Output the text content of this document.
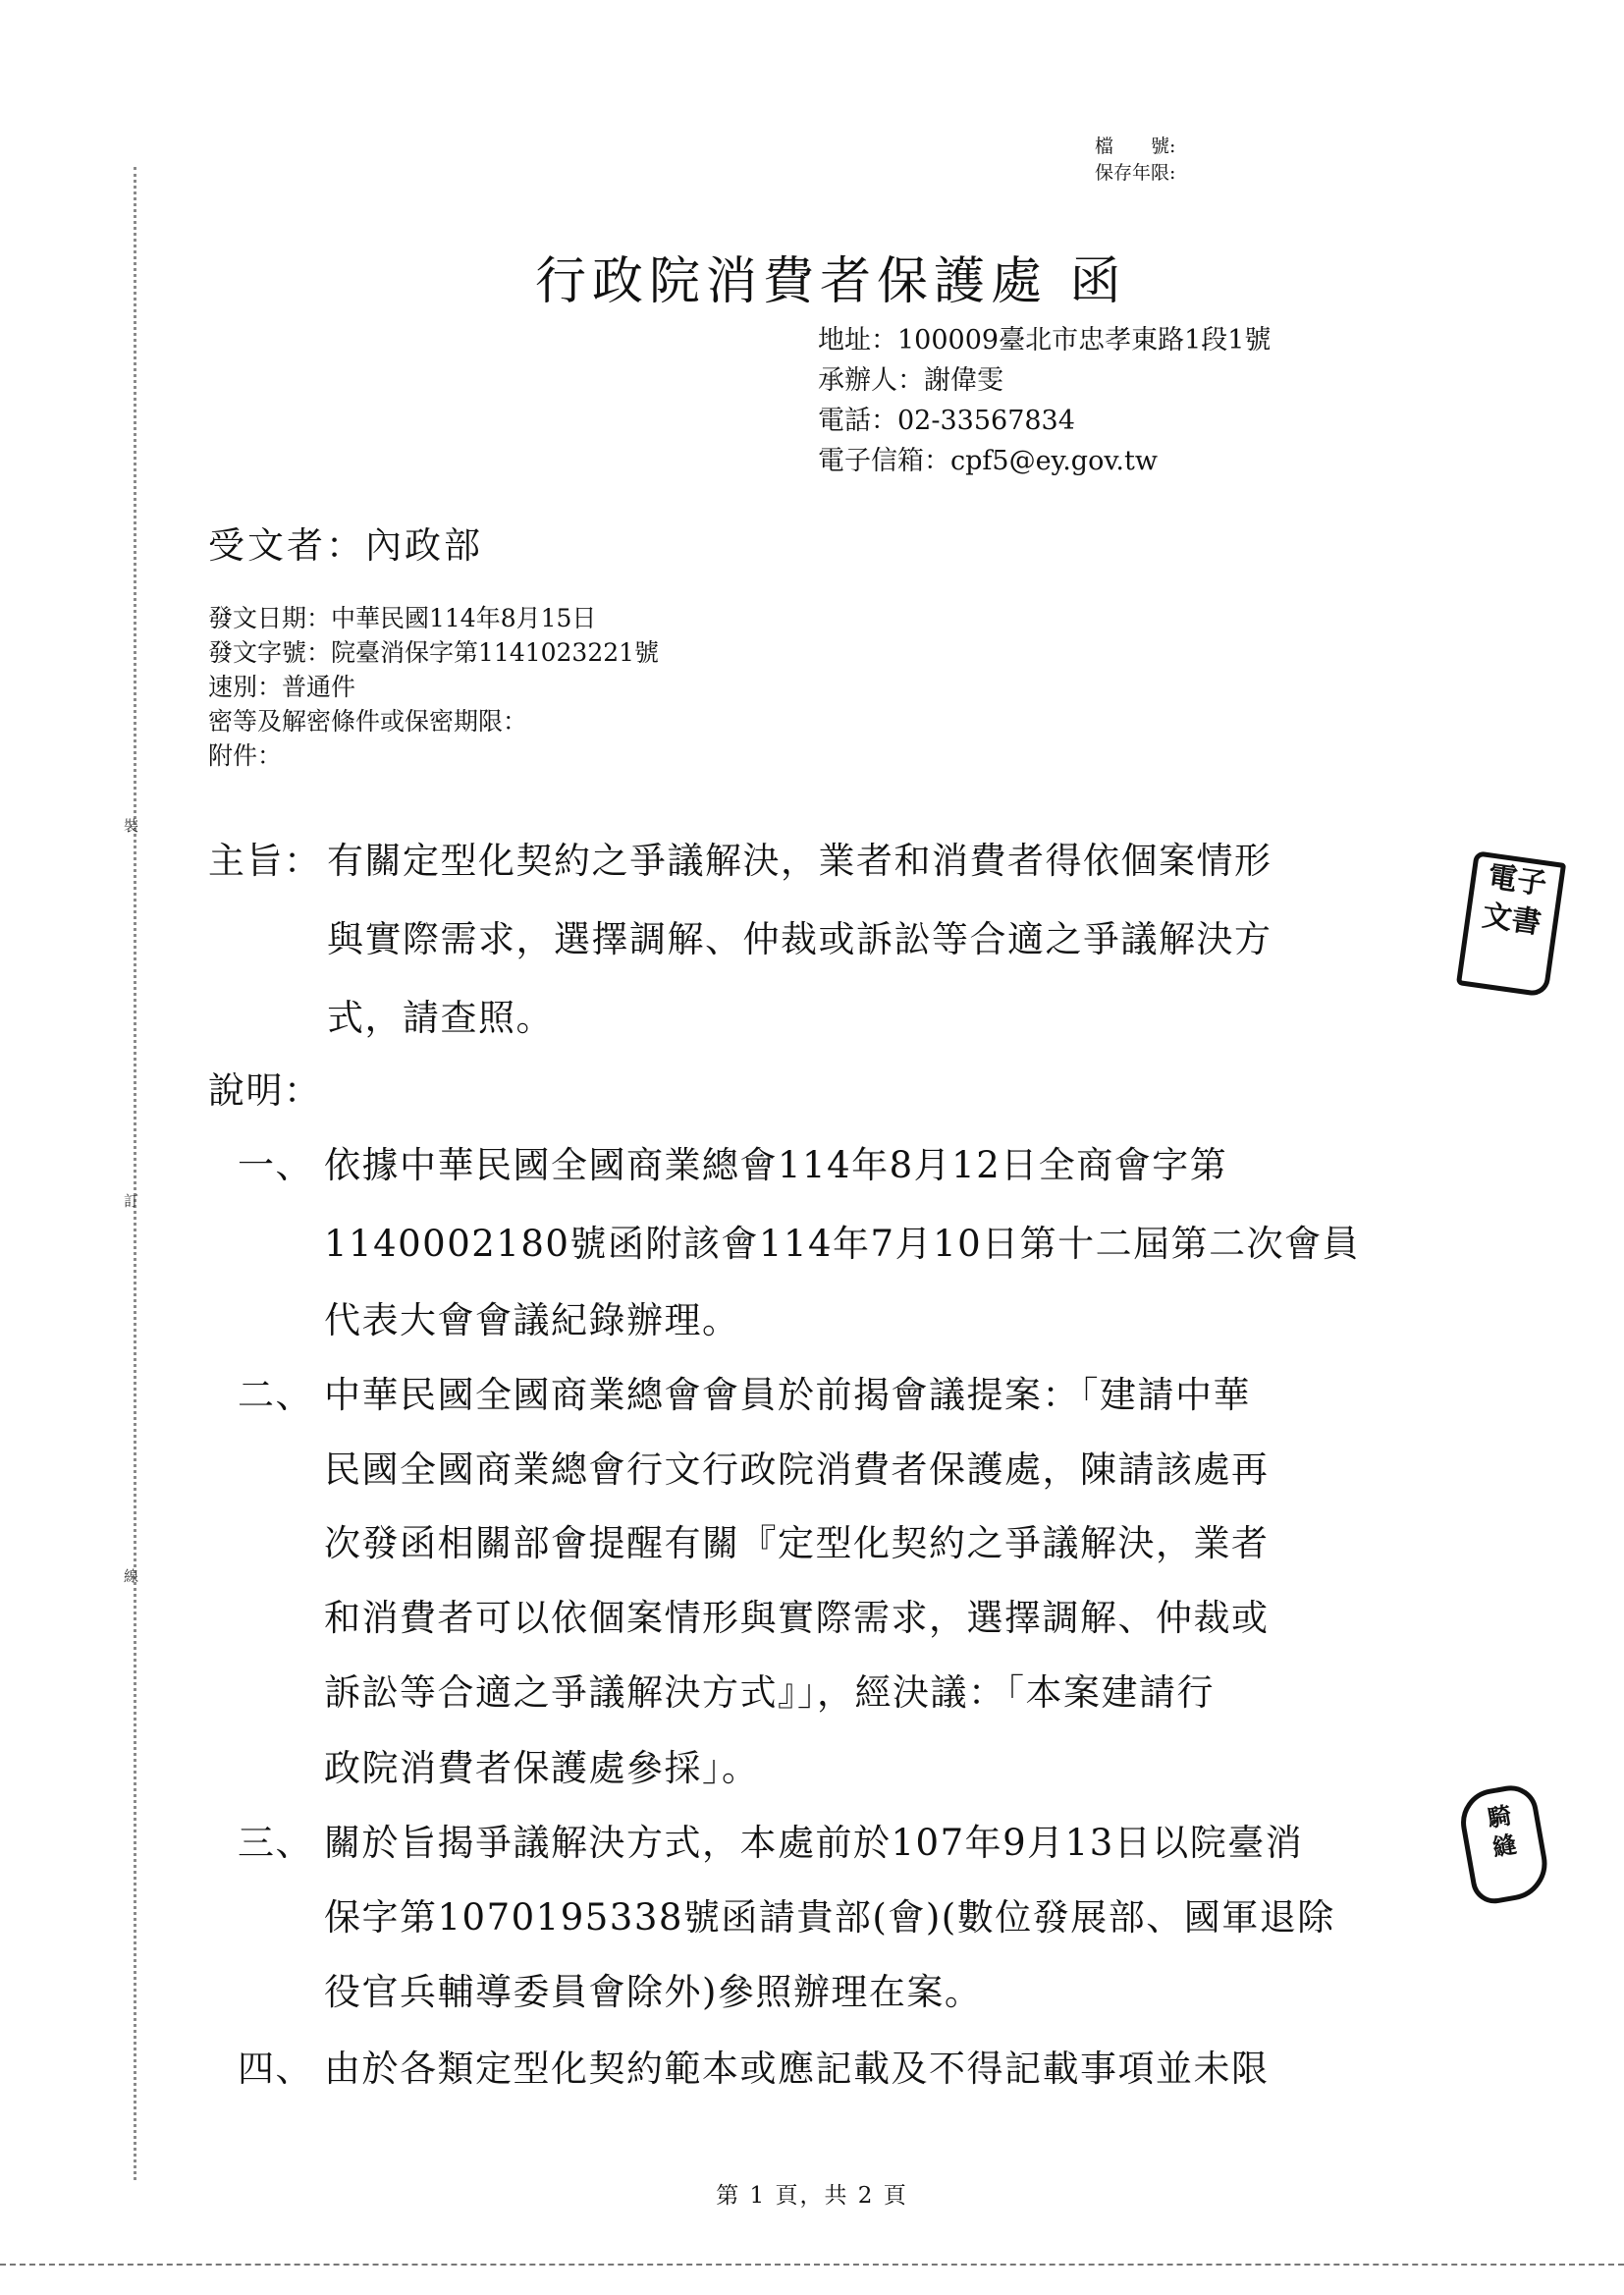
裝
訂
線
檔　　號:
保存年限:
行政院消費者保護處 函
地址：100009臺北市忠孝東路1段1號
承辦人：謝偉雯
電話：02-33567834
電子信箱：cpf5@ey.gov.tw
受文者：內政部
發文日期：中華民國114年8月15日
發文字號：院臺消保字第1141023221號
速別：普通件
密等及解密條件或保密期限：
附件：
主旨： 有關定型化契約之爭議解決，業者和消費者得依個案情形
與實際需求，選擇調解、仲裁或訴訟等合適之爭議解決方
式，請查照。
說明：
一、 依據中華民國全國商業總會114年8月12日全商會字第
1140002180號函附該會114年7月10日第十二屆第二次會員
代表大會會議紀錄辦理。
二、 中華民國全國商業總會會員於前揭會議提案：「建請中華
民國全國商業總會行文行政院消費者保護處，陳請該處再
次發函相關部會提醒有關『定型化契約之爭議解決，業者
和消費者可以依個案情形與實際需求，選擇調解、仲裁或
訴訟等合適之爭議解決方式』」，經決議：「本案建請行
政院消費者保護處參採」。
三、 關於旨揭爭議解決方式，本處前於107年9月13日以院臺消
保字第1070195338號函請貴部(會)(數位發展部、國軍退除
役官兵輔導委員會除外)參照辦理在案。
四、 由於各類定型化契約範本或應記載及不得記載事項並未限
電子
文書
騎
縫
第 1 頁，共 2 頁
